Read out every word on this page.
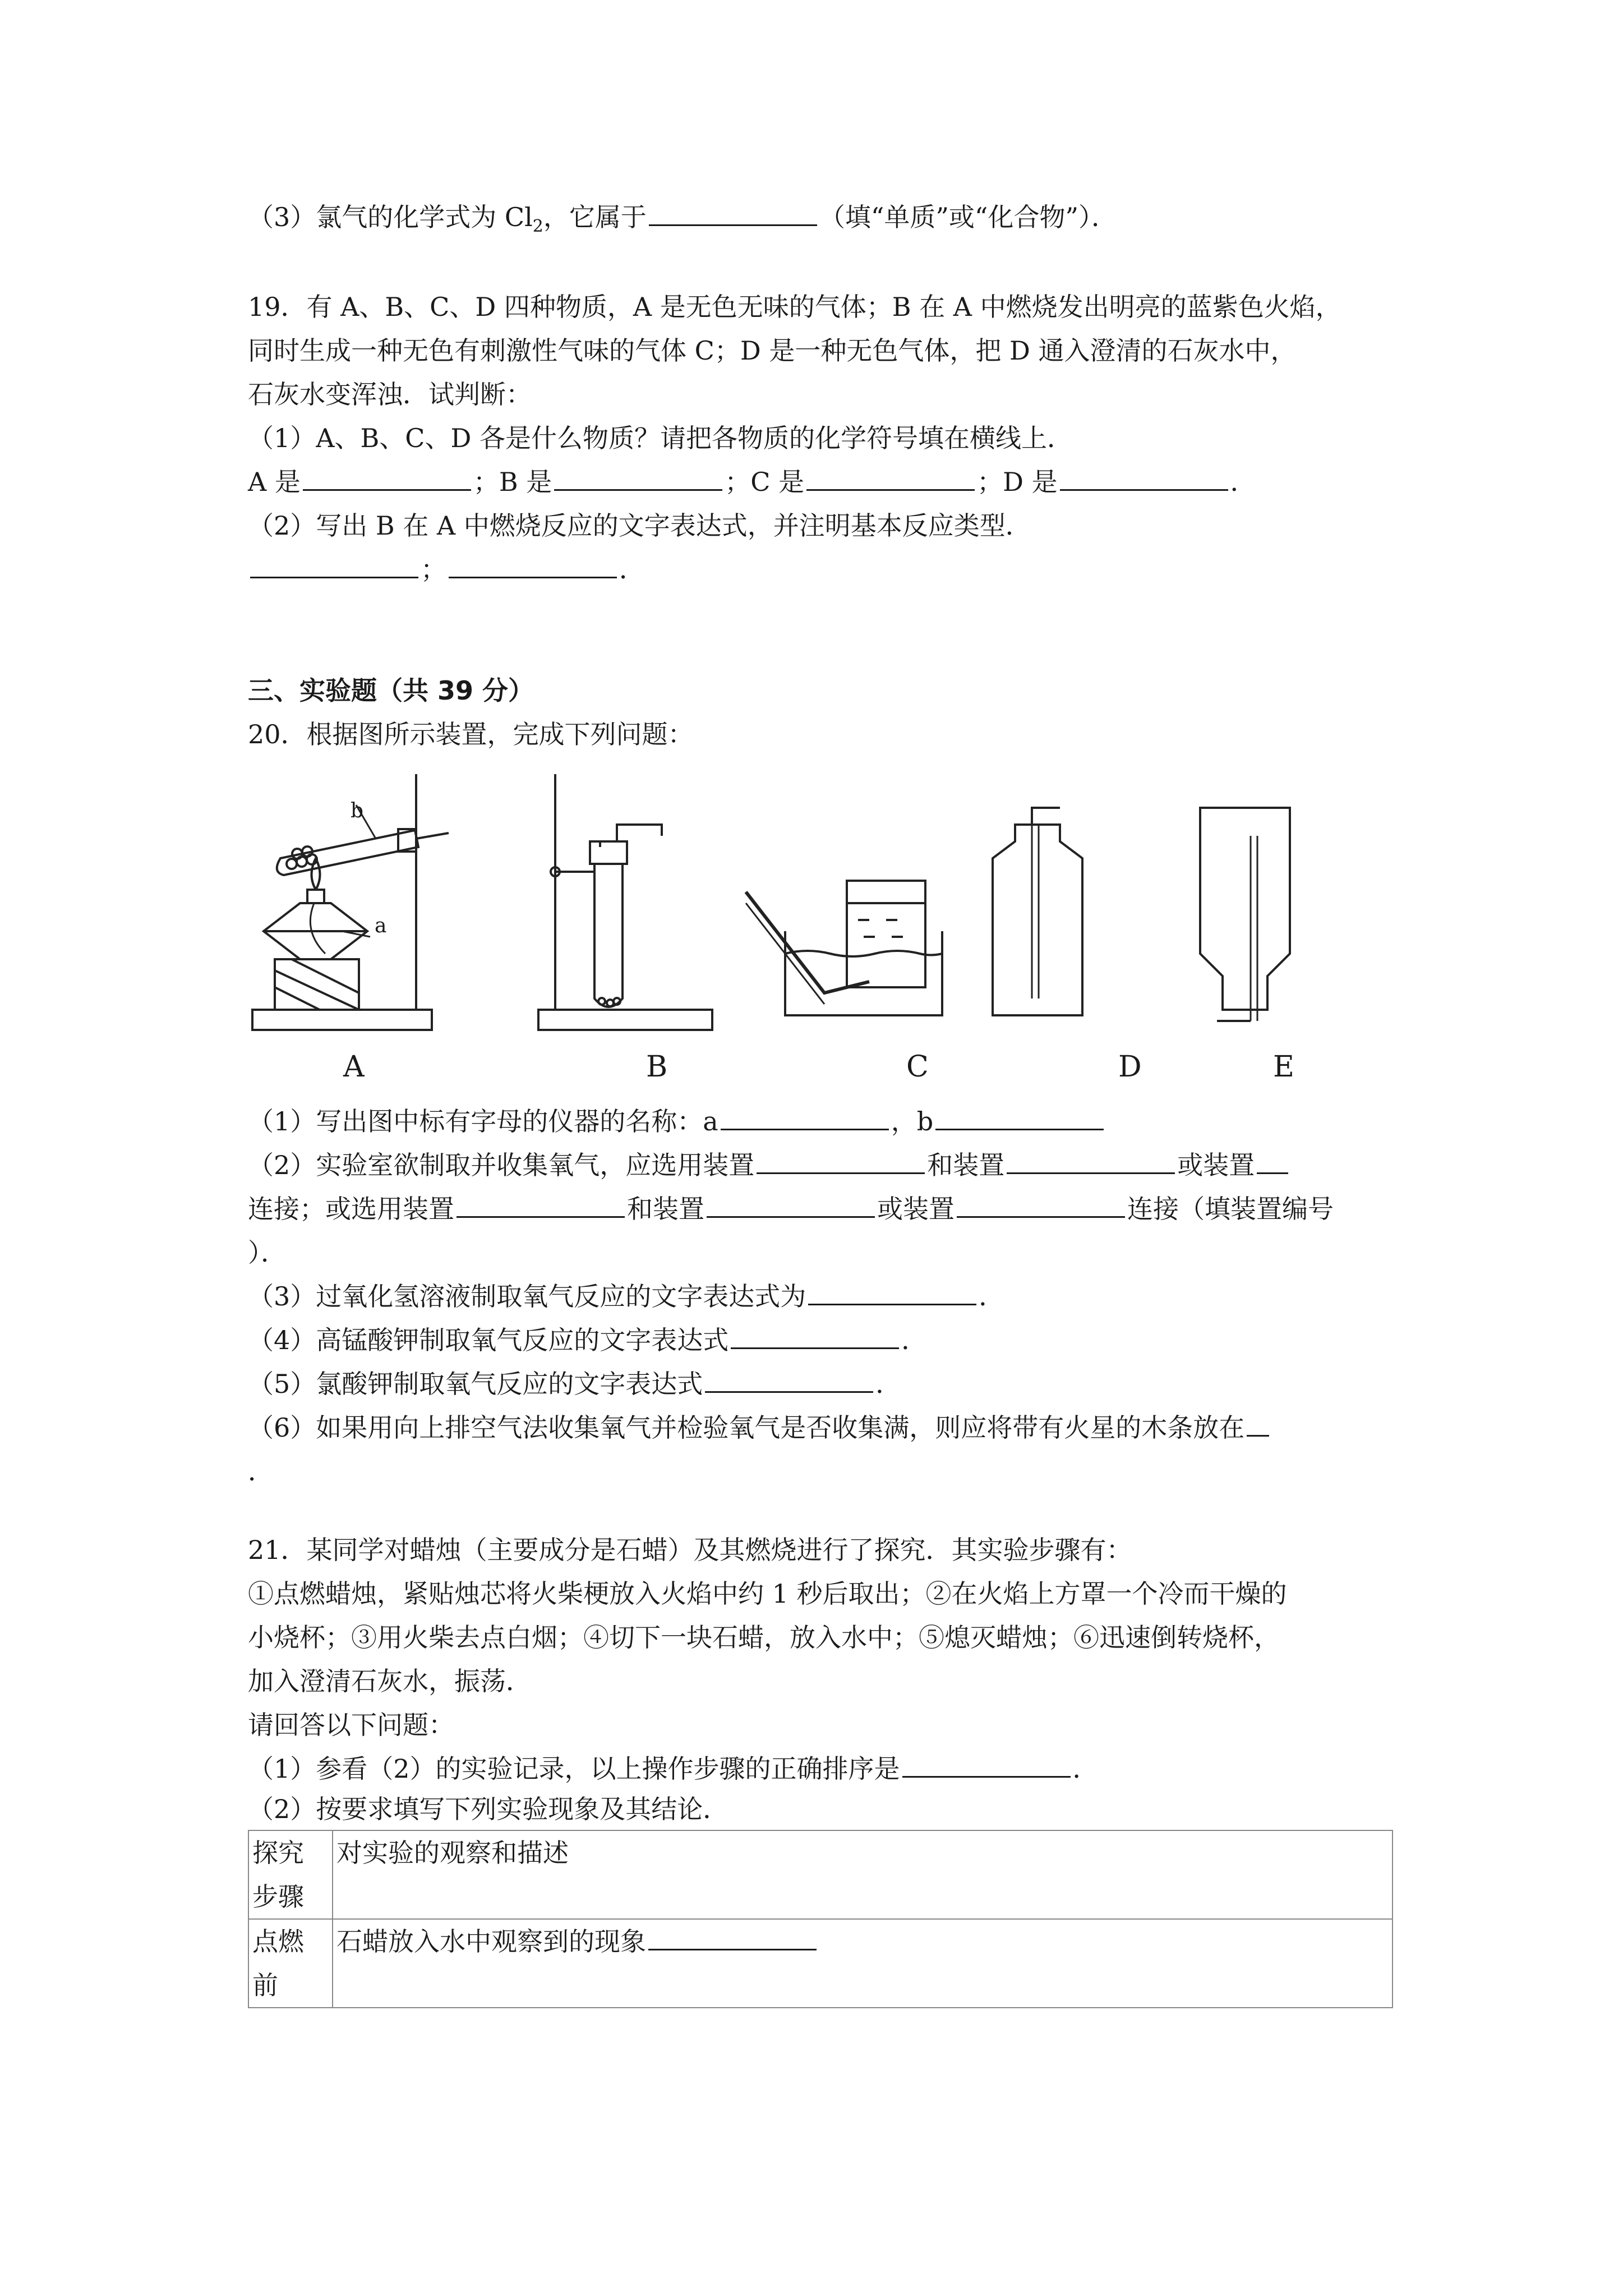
（3）氯气的化学式为 $Cl_2$，它属于	（填“单质”或“化合物”）．
19．有 A、B、C、D 四种物质，A 是无色无味的气体；B 在 A 中燃烧发出明亮的蓝紫色火焰，
同时生成一种无色有刺激性气味的气体 C；D 是一种无色气体，把 D 通入澄清的石灰水中，
石灰水变浑浊．试判断：
（1）A、B、C、D 各是什么物质？请把各物质的化学符号填在横线上．
A 是	；B 是	；C 是	；D 是	．
（2）写出 B 在 A 中燃烧反应的文字表达式，并注明基本反应类型．
；	．
三、实验题（共 39 分）
20．根据图所示装置，完成下列问题：
b
a
A	B	C	D	E
（1）写出图中标有字母的仪器的名称：a	，b
（2）实验室欲制取并收集氧气，应选用装置	和装置	或装置
连接；或选用装置	和装置	或装置	连接（填装置编号
）．
（3）过氧化氢溶液制取氧气反应的文字表达式为	．
（4）高锰酸钾制取氧气反应的文字表达式	．
（5）氯酸钾制取氧气反应的文字表达式	．
（6）如果用向上排空气法收集氧气并检验氧气是否收集满，则应将带有火星的木条放在
．
21．某同学对蜡烛（主要成分是石蜡）及其燃烧进行了探究．其实验步骤有：
①点燃蜡烛，紧贴烛芯将火柴梗放入火焰中约 1 秒后取出；②在火焰上方罩一个冷而干燥的
小烧杯；③用火柴去点白烟；④切下一块石蜡，放入水中；⑤熄灭蜡烛；⑥迅速倒转烧杯，
加入澄清石灰水，振荡．
请回答以下问题：
（1）参看（2）的实验记录，以上操作步骤的正确排序是	．
（2）按要求填写下列实验现象及其结论．
探究步骤	对实验的观察和描述
点燃前	石蜡放入水中观察到的现象
